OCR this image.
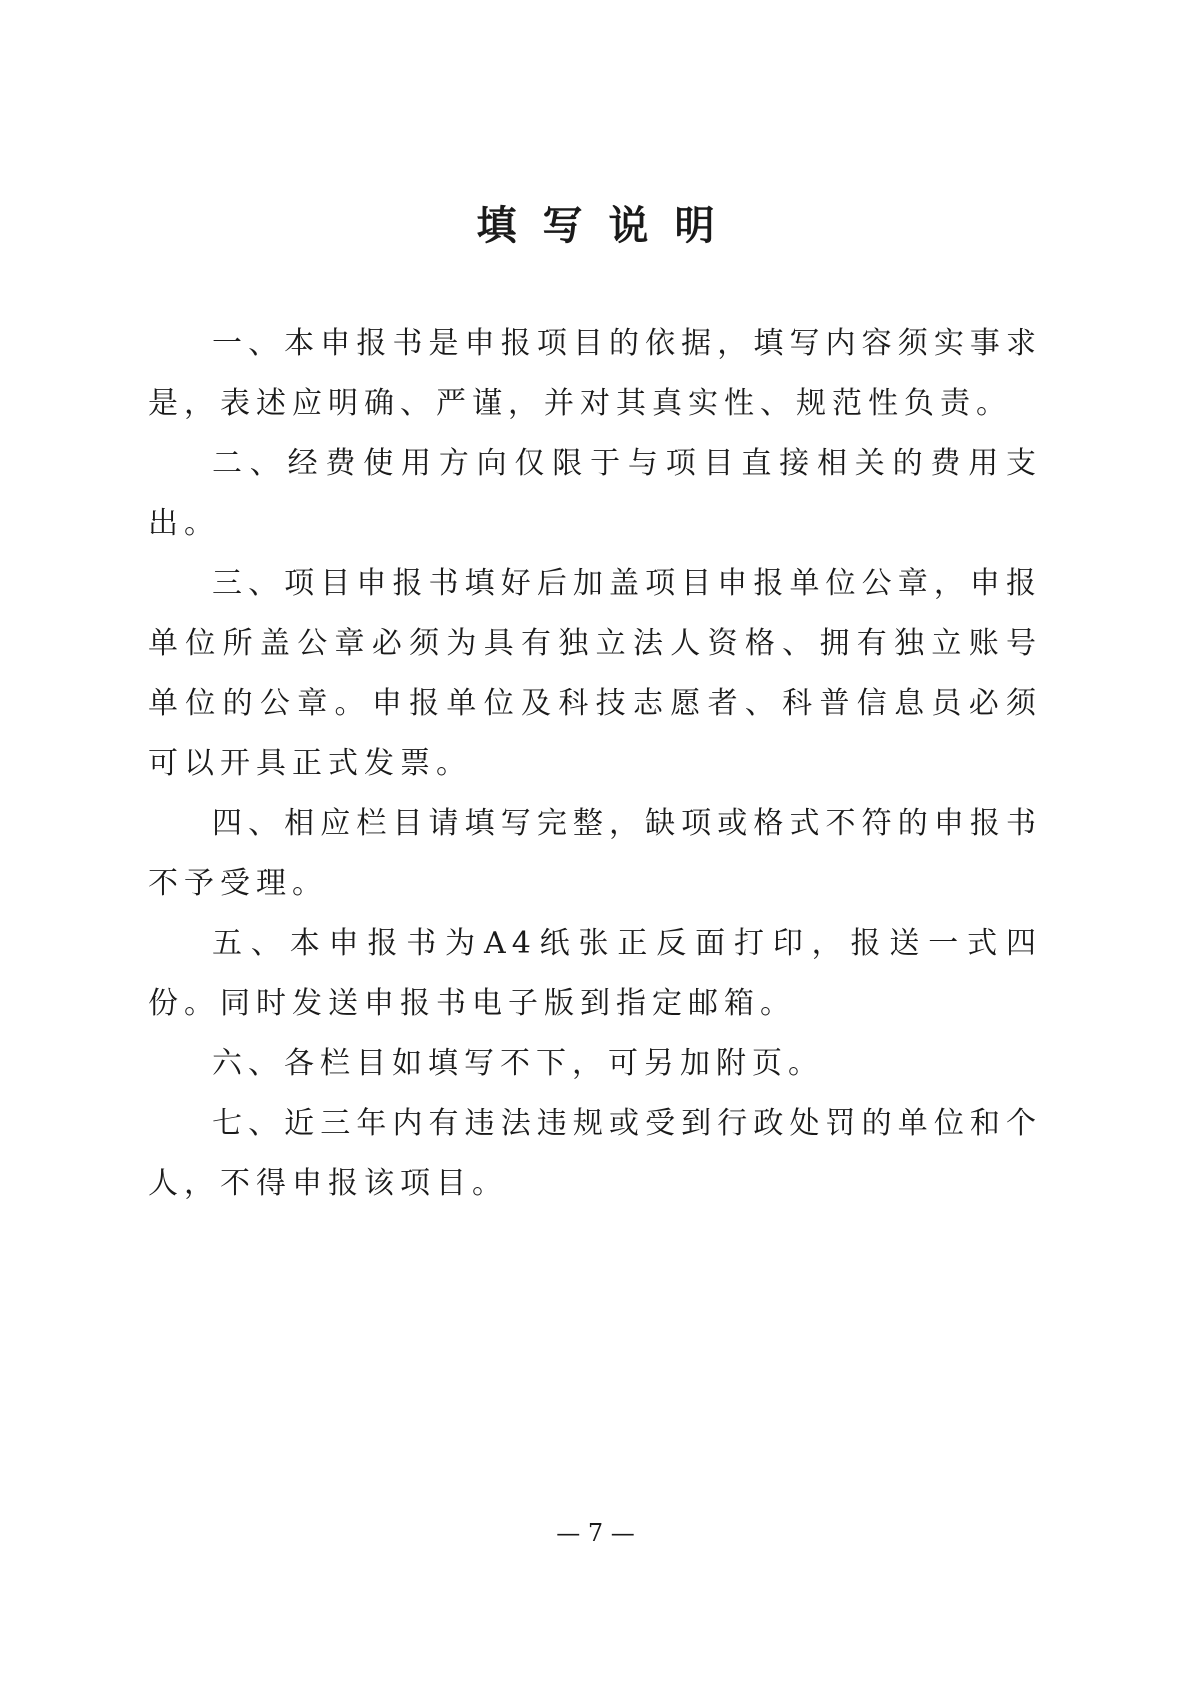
填写说明

一、本申报书是申报项目的依据，填写内容须实事求是，表述应明确、严谨，并对其真实性、规范性负责。

二、经费使用方向仅限于与项目直接相关的费用支出。

三、项目申报书填好后加盖项目申报单位公章，申报单位所盖公章必须为具有独立法人资格、拥有独立账号单位的公章。申报单位及科技志愿者、科普信息员必须可以开具正式发票。

四、相应栏目请填写完整，缺项或格式不符的申报书不予受理。

五、本申报书为A4纸张正反面打印，报送一式四份。同时发送申报书电子版到指定邮箱。

六、各栏目如填写不下，可另加附页。

七、近三年内有违法违规或受到行政处罚的单位和个人，不得申报该项目。

— 7 —
